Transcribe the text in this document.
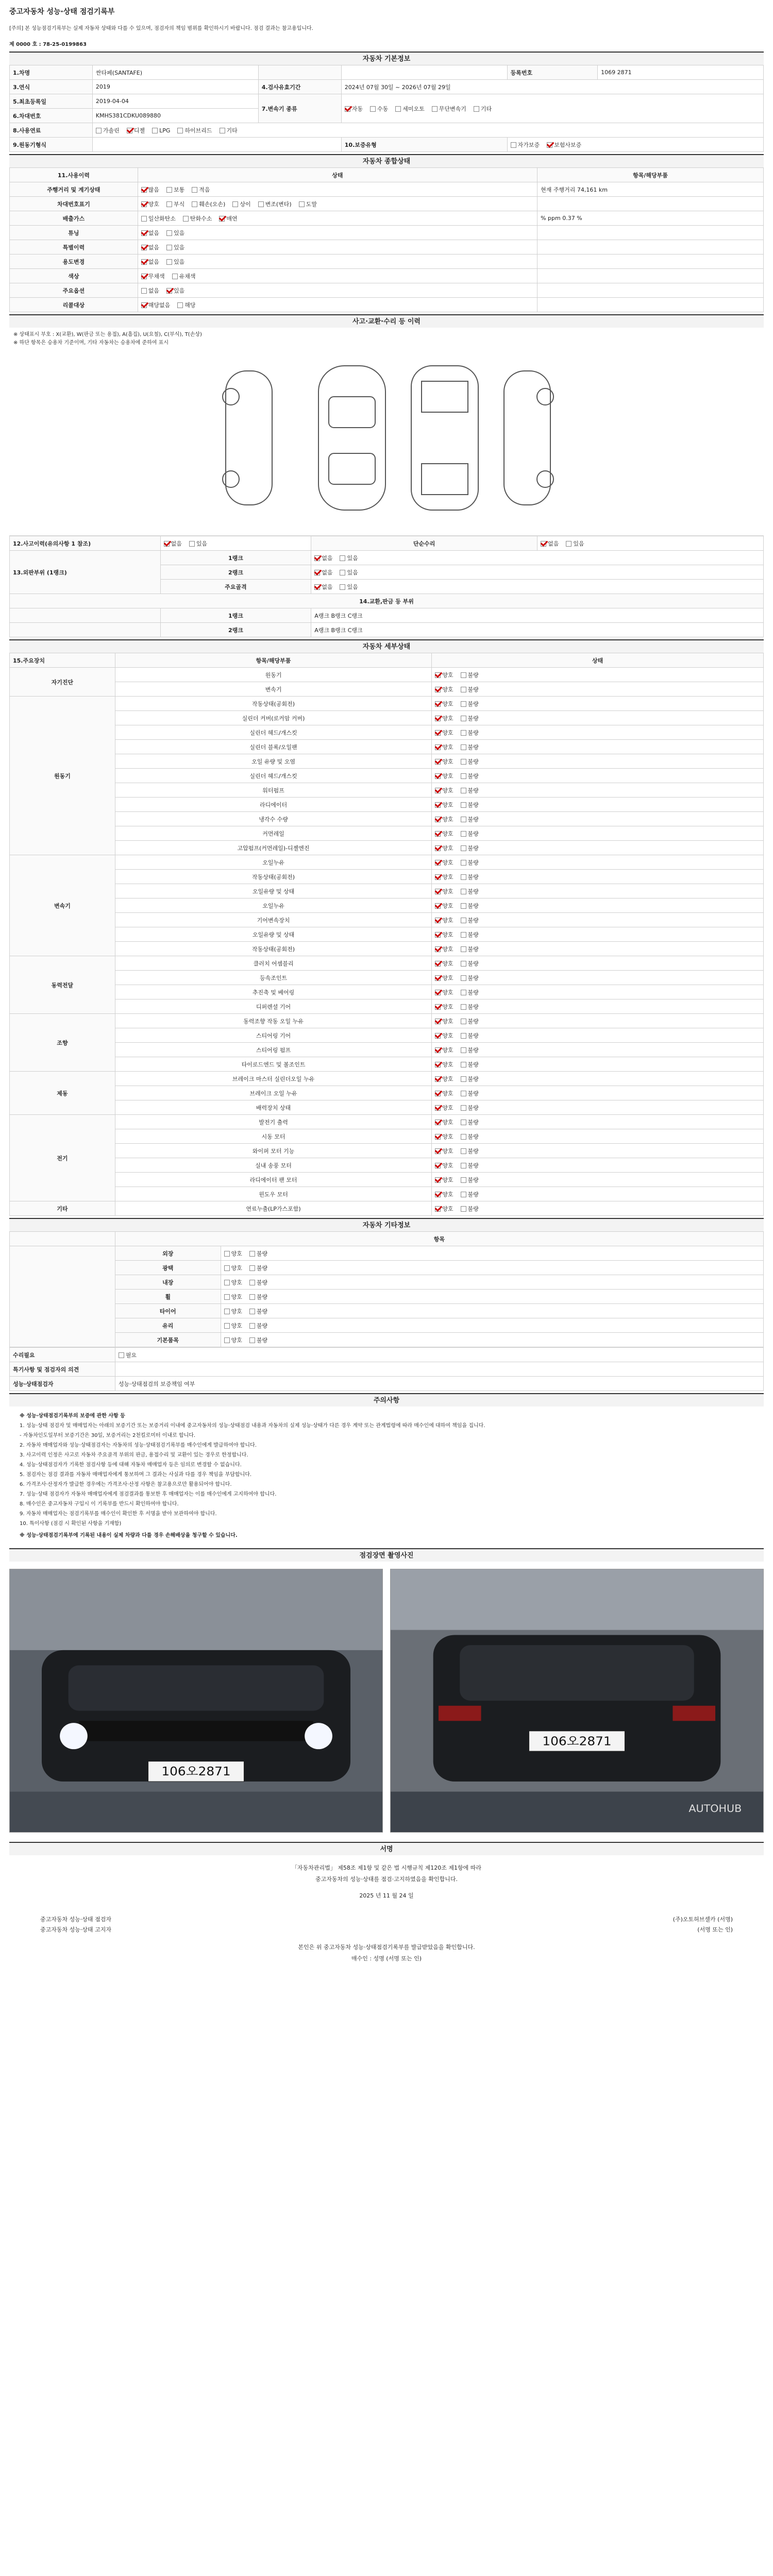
중고자동차 성능·상태 점검기록부
[주의] 본 성능점검기록부는 실제 자동차 상태와 다를 수 있으며, 점검자의 책임 범위를 확인하시기 바랍니다. 점검 결과는 참고용입니다.
제 0000 호 : 78-25-0199863
자동차 기본정보
1.차명	싼타페(SANTAFE)			등록번호	1069 2871
3.연식	2019	4.검사유효기간	2024년 07월 30일 ~ 2026년 07월 29일		
5.최초등록일	2019-04-04	7.변속기 종류	자동 수동 세미오토 무단변속기 기타		
6.차대번호	KMHS381CDKU089880				
8.사용연료	가솔린 디젤 LPG 하이브리드 기타				
9.원동기형식			10.보증유형	자가보증 보험사보증	
자동차 종합상태
11.사용이력	상태	항목/해당부품
주행거리 및 계기상태	많음 보통 적음	현재 주행거리 74,161 km
차대번호표기	양호 부식 훼손(오손) 상이 변조(변타) 도말	
배출가스	일산화탄소 탄화수소 매연	% ppm 0.37 %
튜닝	없음 있음	
특별이력	없음 있음	
용도변경	없음 있음	
색상	무채색 유채색	
주요옵션	없음 있음	
리콜대상	해당없음 해당	
사고·교환·수리 등 이력
※ 상태표시 부호 : X(교환), W(판금 또는 용접), A(흠집), U(요철), C(부식), T(손상)
※ 하단 항목은 승용차 기준이며, 기타 자동차는 승용차에 준하여 표시
12.사고이력(유의사항 1 참조)	없음 있음	단순수리	없음 있음
13.외판부위 (1랭크)	1랭크	없음 있음	
	2랭크	없음 있음	
	주요골격	없음 있음	
14.교환,판금 등 부위			
	1랭크	A랭크 B랭크 C랭크	
	2랭크	A랭크 B랭크 C랭크	
자동차 세부상태
15.주요장치	항목/해당부품	상태
자기진단	원동기	양호 불량
	변속기	양호 불량
원동기	작동상태(공회전)	양호 불량
	실린더 커버(로커암 커버)	양호 불량
	실린더 헤드/개스킷	양호 불량
	실린더 블록/오일팬	양호 불량
	오일 유량 및 오염	양호 불량
	실린더 헤드/개스킷	양호 불량
	워터펌프	양호 불량
	라디에이터	양호 불량
	냉각수 수량	양호 불량
	커먼레일	양호 불량
	고압펌프(커먼레일)-디젤엔진	양호 불량
변속기	오일누유	양호 불량
	작동상태(공회전)	양호 불량
	오일유량 및 상태	양호 불량
	오일누유	양호 불량
	기어변속장치	양호 불량
	오일유량 및 상태	양호 불량
	작동상태(공회전)	양호 불량
동력전달	클러치 어셈블리	양호 불량
	등속조인트	양호 불량
	추진축 및 베어링	양호 불량
	디퍼렌셜 기어	양호 불량
조향	동력조향 작동 오일 누유	양호 불량
	스티어링 기어	양호 불량
	스티어링 펌프	양호 불량
	타이로드엔드 및 볼조인트	양호 불량
제동	브레이크 마스터 실린더오일 누유	양호 불량
	브레이크 오일 누유	양호 불량
	배력장치 상태	양호 불량
전기	발전기 출력	양호 불량
	시동 모터	양호 불량
	와이퍼 모터 기능	양호 불량
	실내 송풍 모터	양호 불량
	라디에이터 팬 모터	양호 불량
	윈도우 모터	양호 불량
기타	연료누출(LP가스포함)	양호 불량
자동차 기타정보
	항목	
	외장	양호 불량
	광택	양호 불량
	내장	양호 불량
	휠	양호 불량
	타이어	양호 불량
	유리	양호 불량
	기본품목	양호 불량
수리필요	필요
특기사항 및 점검자의 의견	
성능·상태점검자	성능·상태점검의 보증책임 여부
주의사항

※ 성능·상태점검기록부의 보증에 관한 사항 등

1. 성능·상태 점검자 및 매매업자는 아래의 보증기간 또는 보증거리 이내에 중고자동차의 성능·상태점검 내용과 자동차의 실제 성능·상태가 다른 경우 계약 또는 관계법령에 따라 매수인에 대하여 책임을 집니다.

- 자동차인도일부터 보증기간은 30일, 보증거리는 2천킬로미터 이내로 합니다.

2. 자동차 매매업자와 성능·상태점검자는 자동차의 성능·상태점검기록부를 매수인에게 발급하여야 합니다.

3. 사고이력 인정은 사고로 자동차 주요골격 부위의 판금, 용접수리 및 교환이 있는 경우로 한정합니다.

4. 성능·상태점검자가 기록한 점검사항 등에 대해 자동차 매매업자 등은 임의로 변경할 수 없습니다.

5. 점검자는 점검 결과를 자동차 매매업자에게 통보하며 그 결과는 사실과 다를 경우 책임을 부담합니다.

6. 가격조사·산정자가 발급한 경우에는 가격조사·산정 사항은 참고용으로만 활용되어야 합니다.

7. 성능·상태 점검자가 자동차 매매업자에게 점검결과를 통보한 후 매매업자는 이를 매수인에게 고지하여야 합니다.

8. 매수인은 중고자동차 구입시 이 기록부를 반드시 확인하여야 합니다.

9. 자동차 매매업자는 점검기록부를 매수인이 확인한 후 서명을 받아 보관하여야 합니다.

10. 특이사항 (점검 시 확인된 사항을 기재함)

※ 성능·상태점검기록부에 기록된 내용이 실제 차량과 다를 경우 손해배상을 청구할 수 있습니다.

점검장면 촬영사진
106오2871
106오2871
AUTOHUB
서명
「자동차관리법」 제58조 제1항 및 같은 법 시행규칙 제120조 제1항에 따라
중고자동차의 성능·상태를 점검·고지하였음을 확인합니다.
2025 년 11 월 24 일
중고자동차 성능·상태 점검자	(주)오토허브셀카 (서명)
중고자동차 성능·상태 고지자	(서명 또는 인)
본인은 위 중고자동차 성능·상태점검기록부를 발급받았음을 확인합니다.
매수인 : 성명 (서명 또는 인)
